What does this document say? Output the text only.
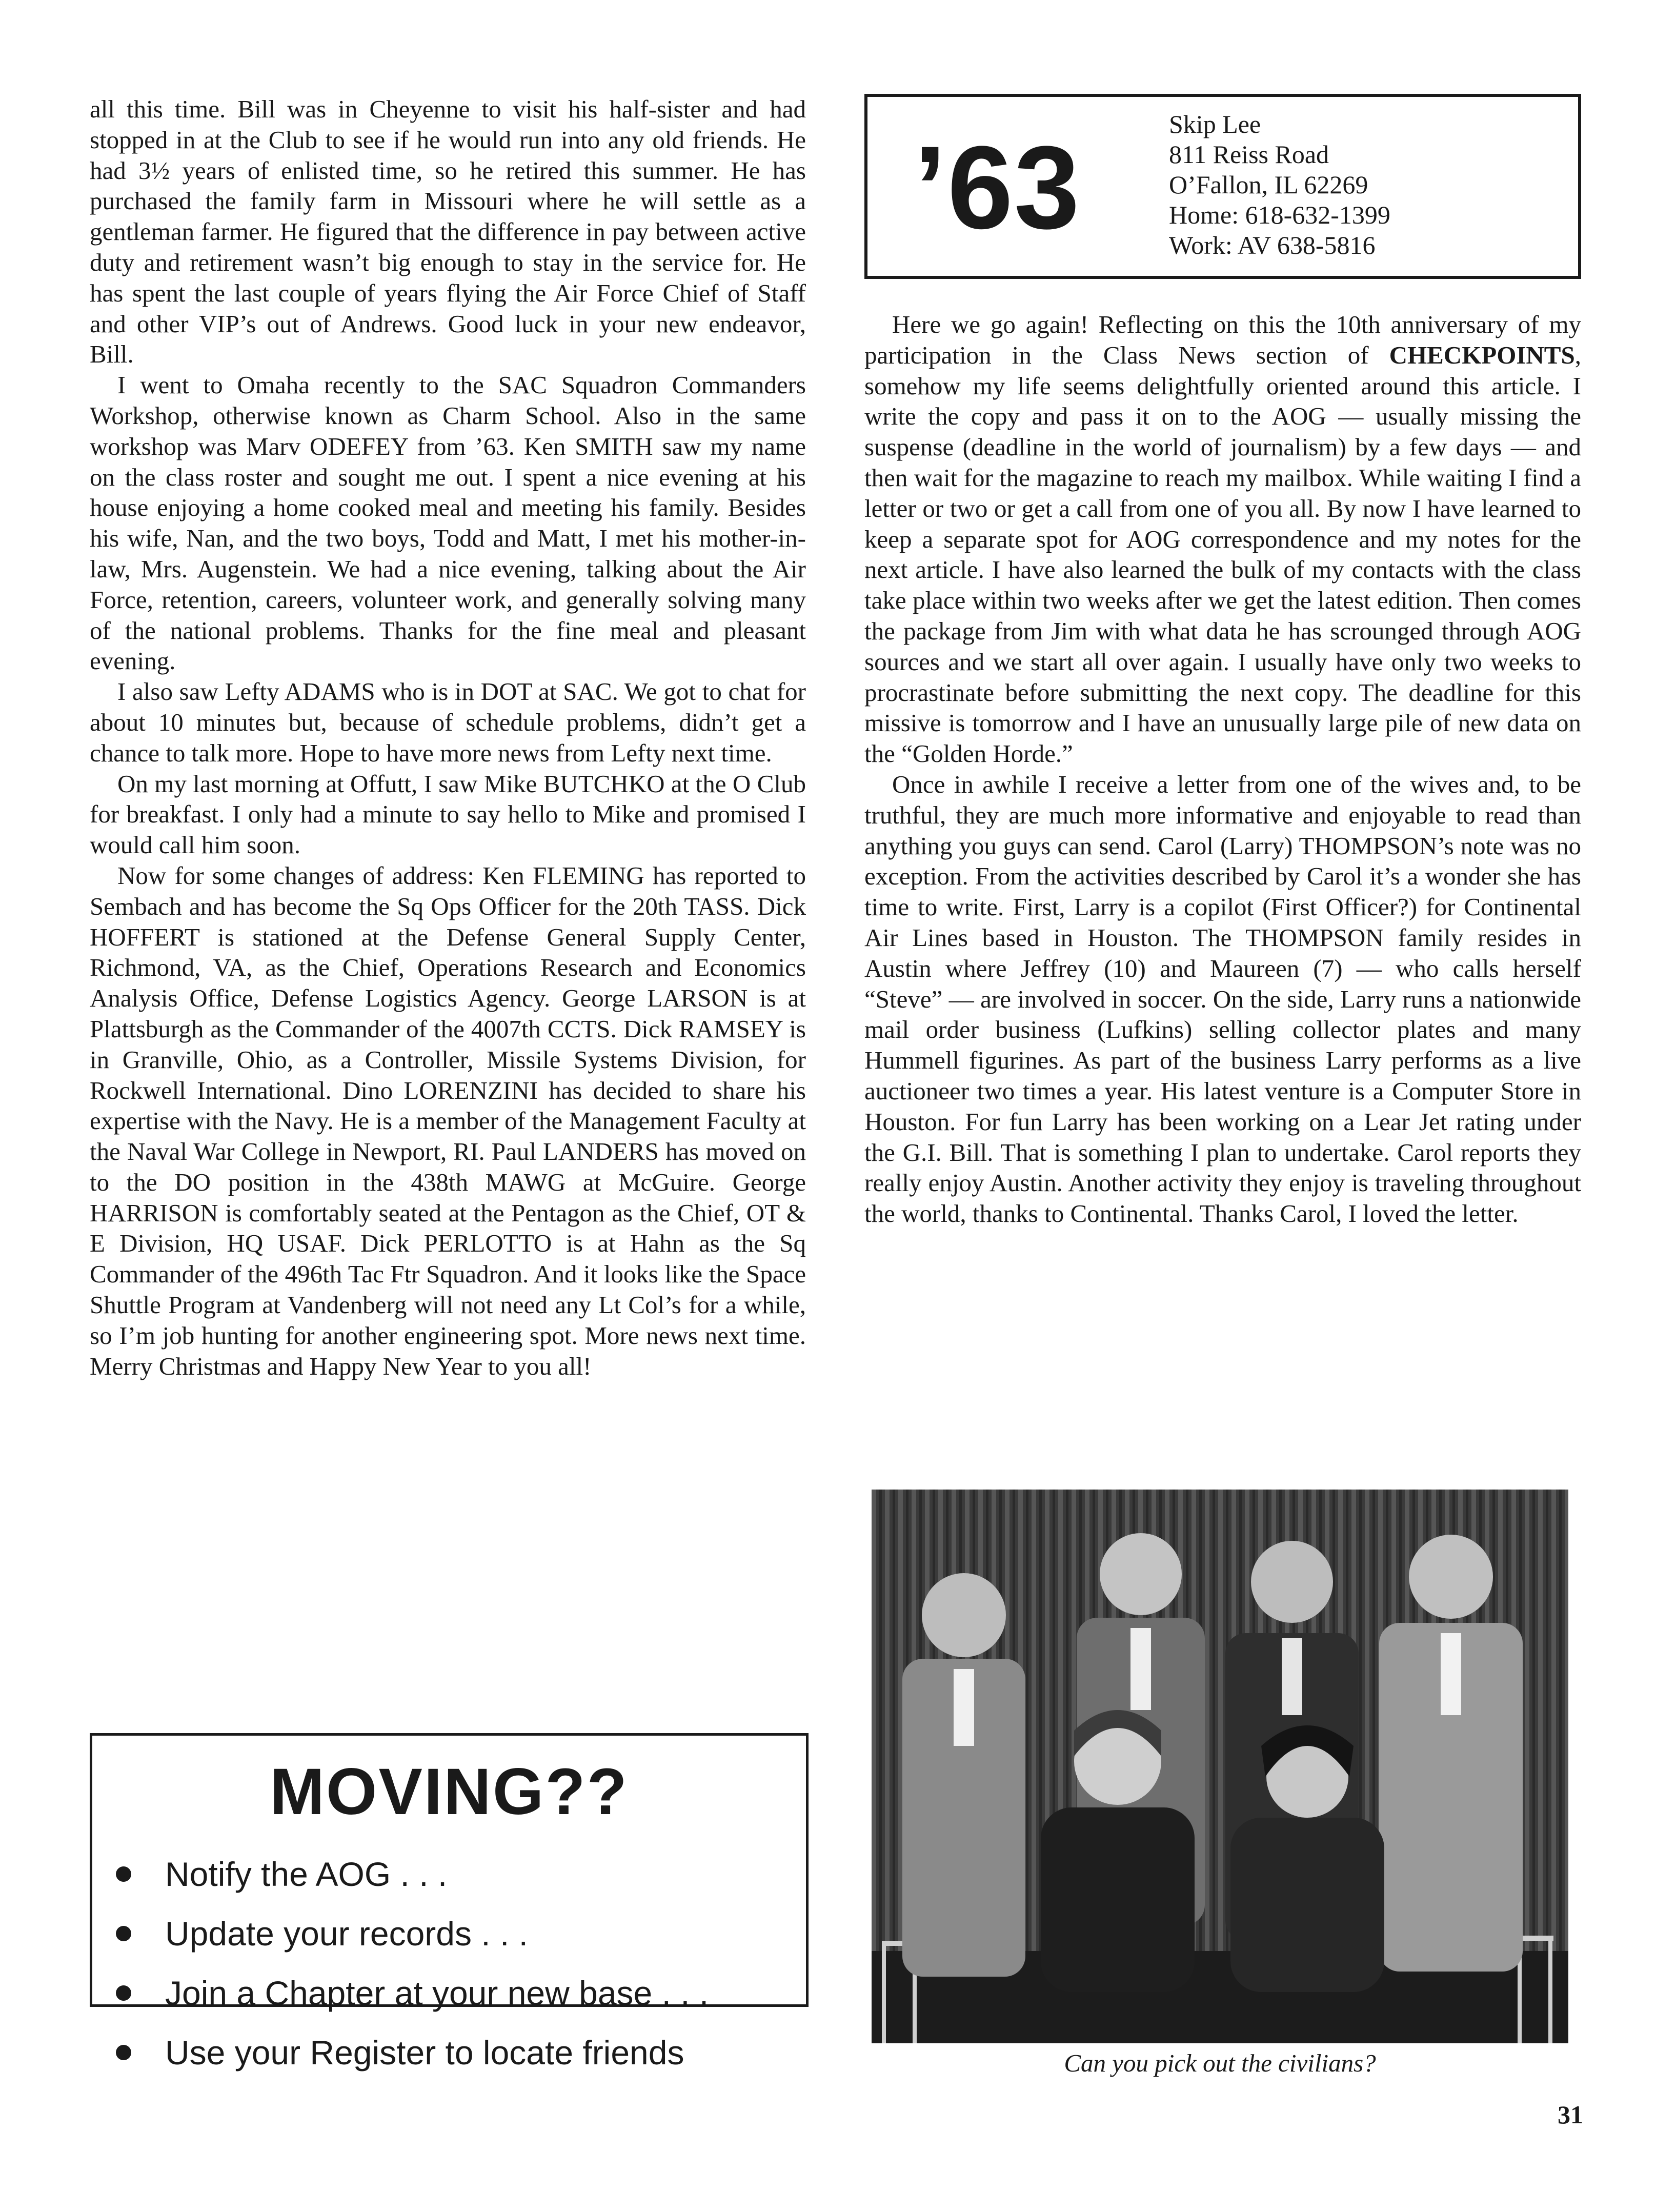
all this time. Bill was in Cheyenne to visit his half-sister and had stopped in at the Club to see if he would run into any old friends. He had 3½ years of enlisted time, so he retired this summer. He has purchased the family farm in Missouri where he will settle as a gentleman farmer. He figured that the difference in pay between active duty and retirement wasn’t big enough to stay in the service for. He has spent the last couple of years flying the Air Force Chief of Staff and other VIP’s out of Andrews. Good luck in your new endeavor, Bill.

I went to Omaha recently to the SAC Squadron Commanders Workshop, otherwise known as Charm School. Also in the same workshop was Marv ODEFEY from ’63. Ken SMITH saw my name on the class roster and sought me out. I spent a nice evening at his house enjoying a home cooked meal and meeting his family. Besides his wife, Nan, and the two boys, Todd and Matt, I met his mother-in-law, Mrs. Augenstein. We had a nice evening, talking about the Air Force, retention, careers, volunteer work, and generally solving many of the national problems. Thanks for the fine meal and pleasant evening.

I also saw Lefty ADAMS who is in DOT at SAC. We got to chat for about 10 minutes but, because of schedule problems, didn’t get a chance to talk more. Hope to have more news from Lefty next time.

On my last morning at Offutt, I saw Mike BUTCHKO at the O Club for breakfast. I only had a minute to say hello to Mike and promised I would call him soon.

Now for some changes of address: Ken FLEMING has reported to Sembach and has become the Sq Ops Officer for the 20th TASS. Dick HOFFERT is stationed at the Defense General Supply Center, Richmond, VA, as the Chief, Operations Research and Economics Analysis Office, Defense Logistics Agency. George LARSON is at Plattsburgh as the Commander of the 4007th CCTS. Dick RAMSEY is in Granville, Ohio, as a Controller, Missile Systems Division, for Rockwell International. Dino LORENZINI has decided to share his expertise with the Navy. He is a member of the Management Faculty at the Naval War College in Newport, RI. Paul LANDERS has moved on to the DO position in the 438th MAWG at McGuire. George HARRISON is comfortably seated at the Pentagon as the Chief, OT & E Division, HQ USAF. Dick PERLOTTO is at Hahn as the Sq Commander of the 496th Tac Ftr Squadron. And it looks like the Space Shuttle Program at Vandenberg will not need any Lt Col’s for a while, so I’m job hunting for another engineering spot. More news next time. Merry Christmas and Happy New Year to you all!

’63	Skip Lee
811 Reiss Road
O’Fallon, IL 62269
Home: 618-632-1399
Work: AV 638-5816

Here we go again! Reflecting on this the 10th anniversary of my participation in the Class News section of CHECKPOINTS, somehow my life seems delightfully oriented around this article. I write the copy and pass it on to the AOG — usually missing the suspense (deadline in the world of journalism) by a few days — and then wait for the magazine to reach my mailbox. While waiting I find a letter or two or get a call from one of you all. By now I have learned to keep a separate spot for AOG correspondence and my notes for the next article. I have also learned the bulk of my contacts with the class take place within two weeks after we get the latest edition. Then comes the package from Jim with what data he has scrounged through AOG sources and we start all over again. I usually have only two weeks to procrastinate before submitting the next copy. The deadline for this missive is tomorrow and I have an unusually large pile of new data on the “Golden Horde.”

Once in awhile I receive a letter from one of the wives and, to be truthful, they are much more informative and enjoyable to read than anything you guys can send. Carol (Larry) THOMPSON’s note was no exception. From the activities described by Carol it’s a wonder she has time to write. First, Larry is a copilot (First Officer?) for Continental Air Lines based in Houston. The THOMPSON family resides in Austin where Jeffrey (10) and Maureen (7) — who calls herself “Steve” — are involved in soccer. On the side, Larry runs a nationwide mail order business (Lufkins) selling collector plates and many Hummell figurines. As part of the business Larry performs as a live auctioneer two times a year. His latest venture is a Computer Store in Houston. For fun Larry has been working on a Lear Jet rating under the G.I. Bill. That is something I plan to undertake. Carol reports they really enjoy Austin. Another activity they enjoy is traveling throughout the world, thanks to Continental. Thanks Carol, I loved the letter.

MOVING??
Notify the AOG . . .
Update your records . . .
Join a Chapter at your new base . . .
Use your Register to locate friends	Can you pick out the civilians?
31
